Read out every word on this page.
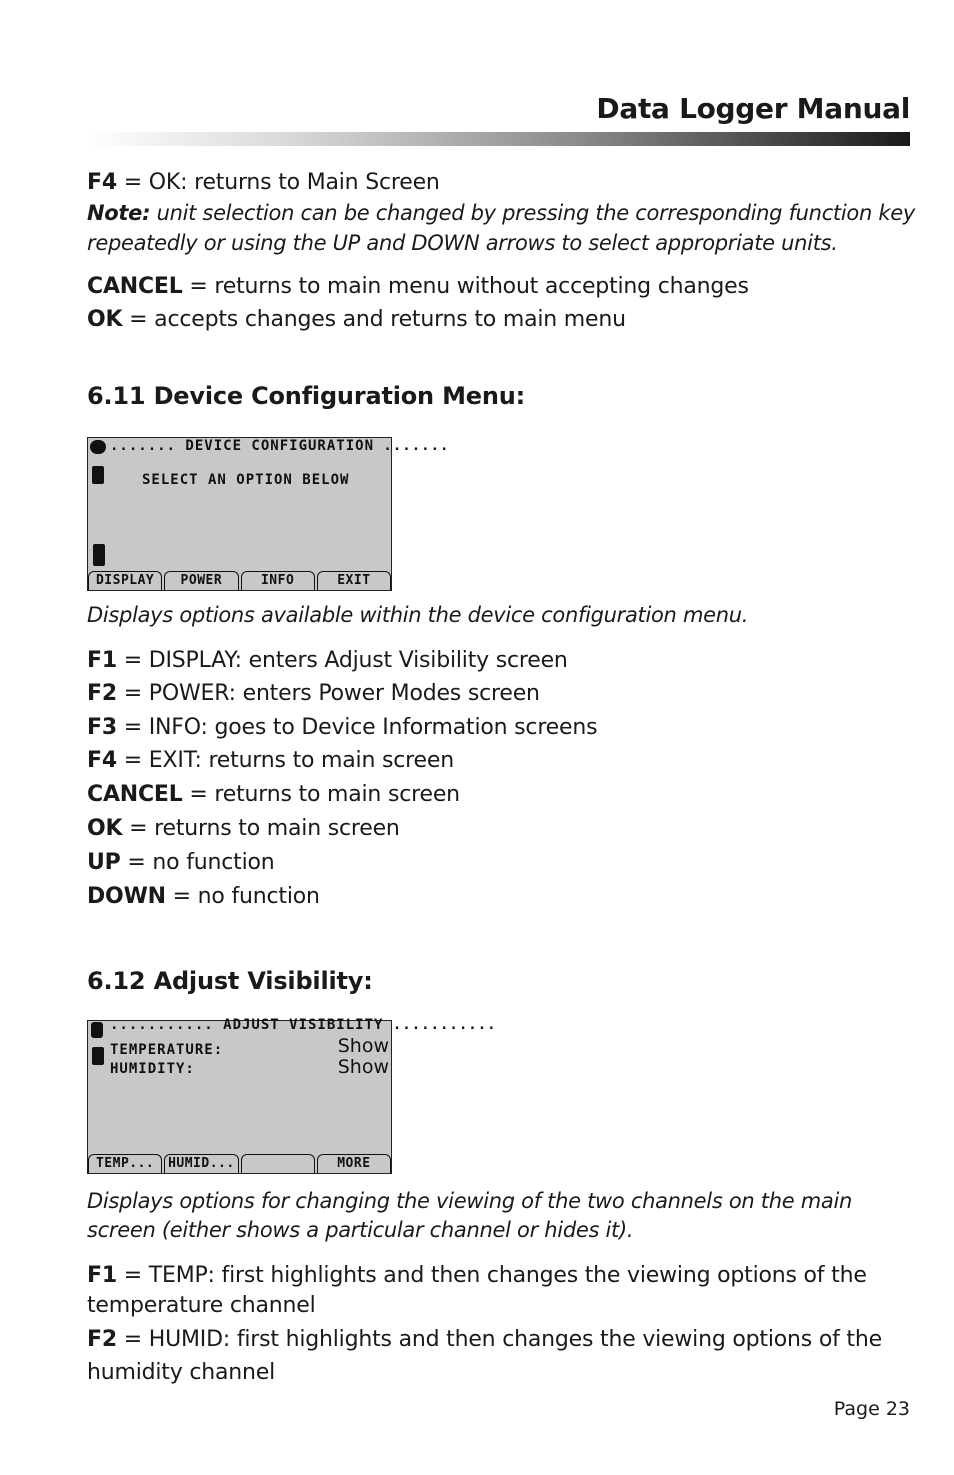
Data Logger Manual
F4 = OK: returns to Main Screen
Note: unit selection can be changed by pressing the corresponding function key
repeatedly or using the UP and DOWN arrows to select appropriate units.
CANCEL = returns to main menu without accepting changes
OK = accepts changes and returns to main menu
6.11 Device Configuration Menu:
....... DEVICE CONFIGURATION .......
SELECT AN OPTION BELOW
DISPLAY	POWER	INFO	EXIT
Displays options available within the device configuration menu.
F1 = DISPLAY: enters Adjust Visibility screen
F2 = POWER: enters Power Modes screen
F3 = INFO: goes to Device Information screens
F4 = EXIT: returns to main screen
CANCEL = returns to main screen
OK = returns to main screen
UP = no function
DOWN = no function
6.12 Adjust Visibility:
........... ADJUST VISIBILITY ...........
TEMPERATURE:	Show
HUMIDITY:	Show
TEMP...	HUMID...	MORE
Displays options for changing the viewing of the two channels on the main
screen (either shows a particular channel or hides it).
F1 = TEMP: first highlights and then changes the viewing options of the
temperature channel
F2 = HUMID: first highlights and then changes the viewing options of the
humidity channel
Page 23
